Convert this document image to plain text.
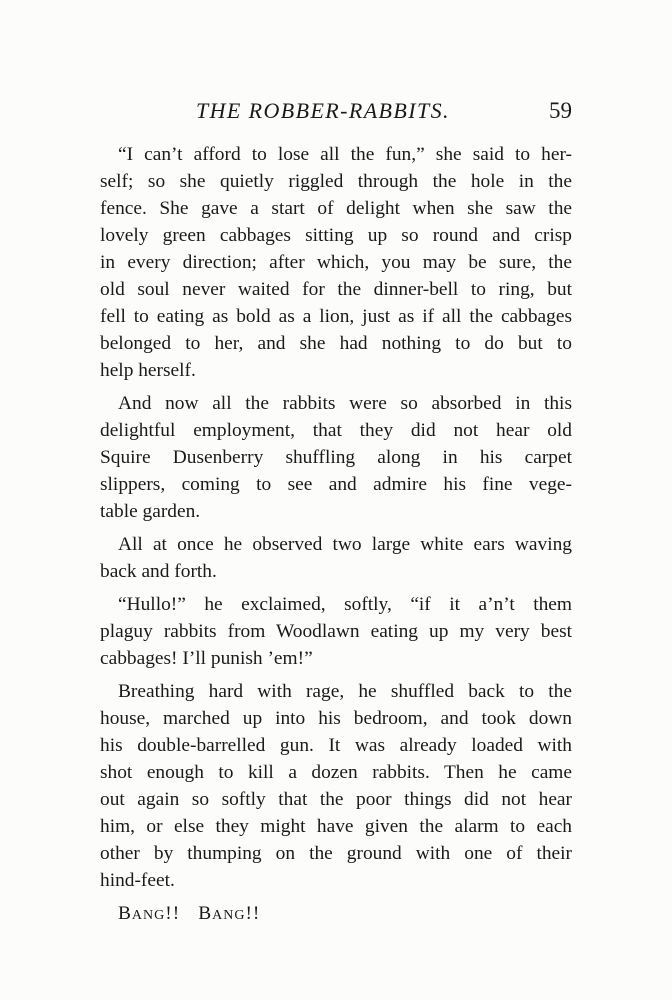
THE ROBBER-RABBITS.	59
“I can’t afford to lose all the fun,” she said to her-
self; so she quietly riggled through the hole in the
fence. She gave a start of delight when she saw the
lovely green cabbages sitting up so round and crisp
in every direction; after which, you may be sure, the
old soul never waited for the dinner-bell to ring, but
fell to eating as bold as a lion, just as if all the cabbages
belonged to her, and she had nothing to do but to
help herself.
And now all the rabbits were so absorbed in this
delightful employment, that they did not hear old
Squire Dusenberry shuffling along in his carpet
slippers, coming to see and admire his fine vege-
table garden.
All at once he observed two large white ears waving
back and forth.
“Hullo!” he exclaimed, softly, “if it a’n’t them
plaguy rabbits from Woodlawn eating up my very best
cabbages! I’ll punish ’em!”
Breathing hard with rage, he shuffled back to the
house, marched up into his bedroom, and took down
his double-barrelled gun. It was already loaded with
shot enough to kill a dozen rabbits. Then he came
out again so softly that the poor things did not hear
him, or else they might have given the alarm to each
other by thumping on the ground with one of their
hind-feet.
Bang!! Bang!!
